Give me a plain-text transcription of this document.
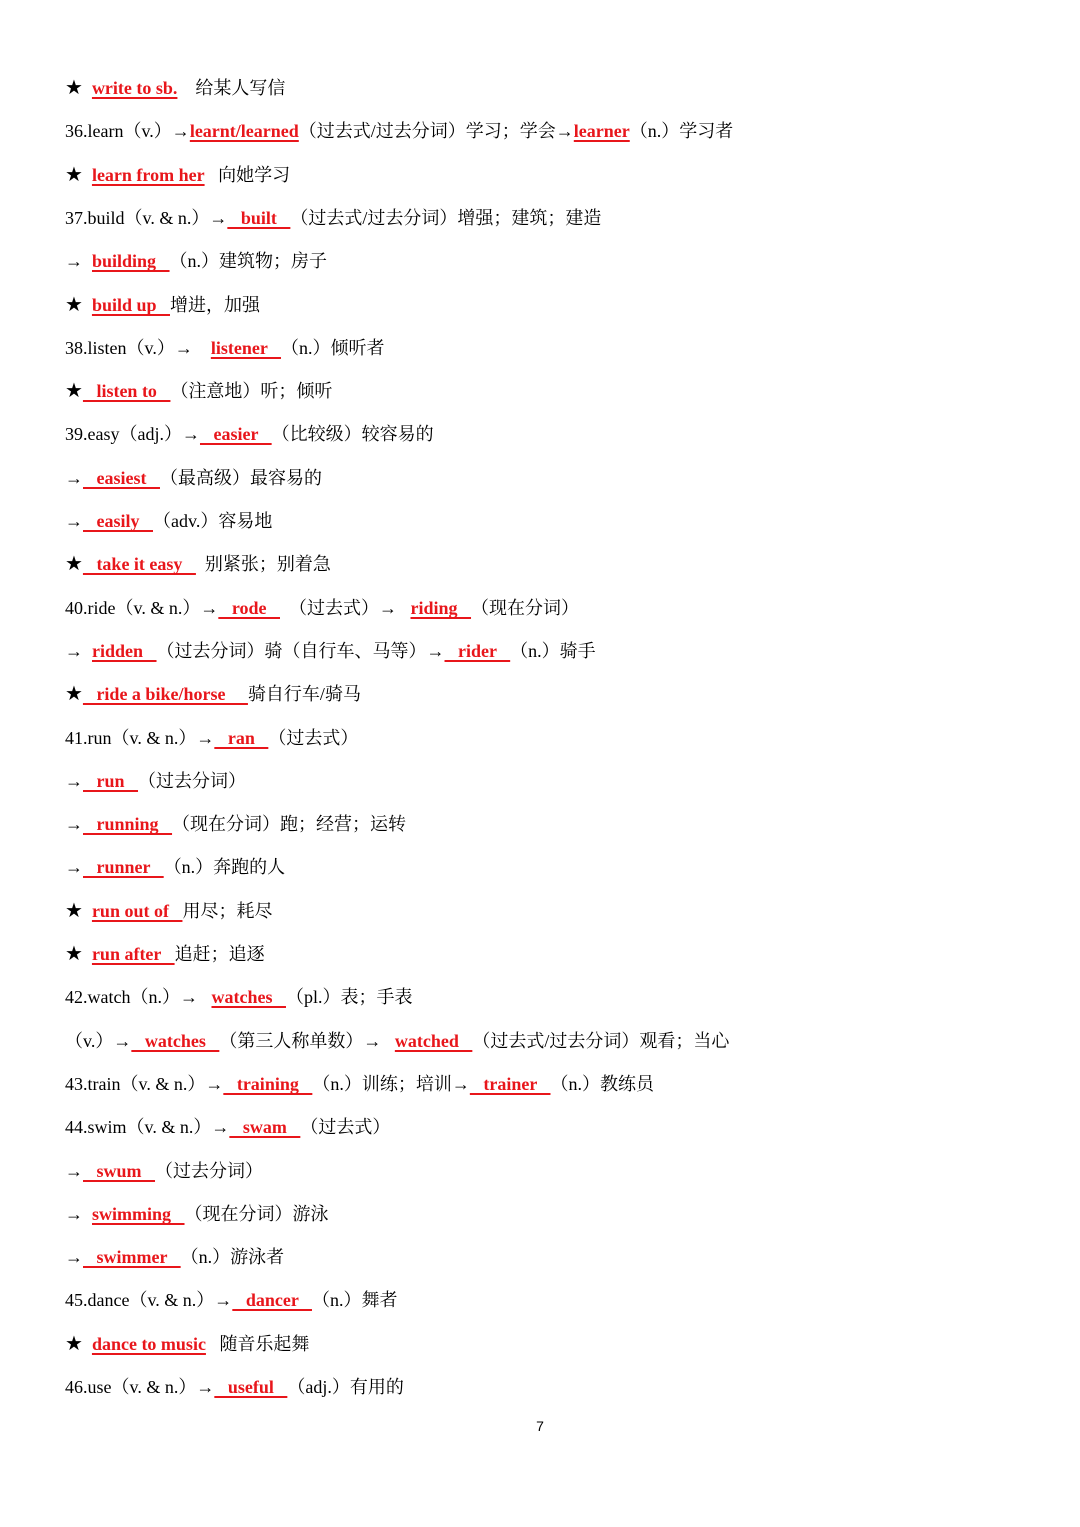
★ write to sb.    给某人写信
36.learn（v.）→learnt/learned（过去式/过去分词）学习；学会→learner（n.）学习者
★ learn from her   向她学习
37.build（v. & n.）→   built   （过去式/过去分词）增强；建筑；建造
→  building   （n.）建筑物；房子
★ build up   增进，加强
38.listen（v.）→    listener   （n.）倾听者
★   listen to   （注意地）听；倾听
39.easy（adj.）→   easier   （比较级）较容易的
→   easiest   （最高级）最容易的
→   easily   （adv.）容易地
★   take it easy     别紧张；别着急
40.ride（v. & n.）→   rode     （过去式）→   riding   （现在分词）
→  ridden   （过去分词）骑（自行车、马等）→   rider   （n.）骑手
★   ride a bike/horse     骑自行车/骑马
41.run（v. & n.）→   ran   （过去式）
→   run   （过去分词）
→   running   （现在分词）跑；经营；运转
→   runner   （n.）奔跑的人
★ run out of   用尽；耗尽
★ run after   追赶；追逐
42.watch（n.）→   watches   （pl.）表；手表
（v.）→   watches   （第三人称单数）→   watched   （过去式/过去分词）观看；当心
43.train（v. & n.）→   training   （n.）训练；培训→   trainer   （n.）教练员
44.swim（v. & n.）→   swam   （过去式）
→   swum   （过去分词）
→  swimming   （现在分词）游泳
→   swimmer   （n.）游泳者
45.dance（v. & n.）→   dancer   （n.）舞者
★ dance to music   随音乐起舞
46.use（v. & n.）→   useful   （adj.）有用的
7
